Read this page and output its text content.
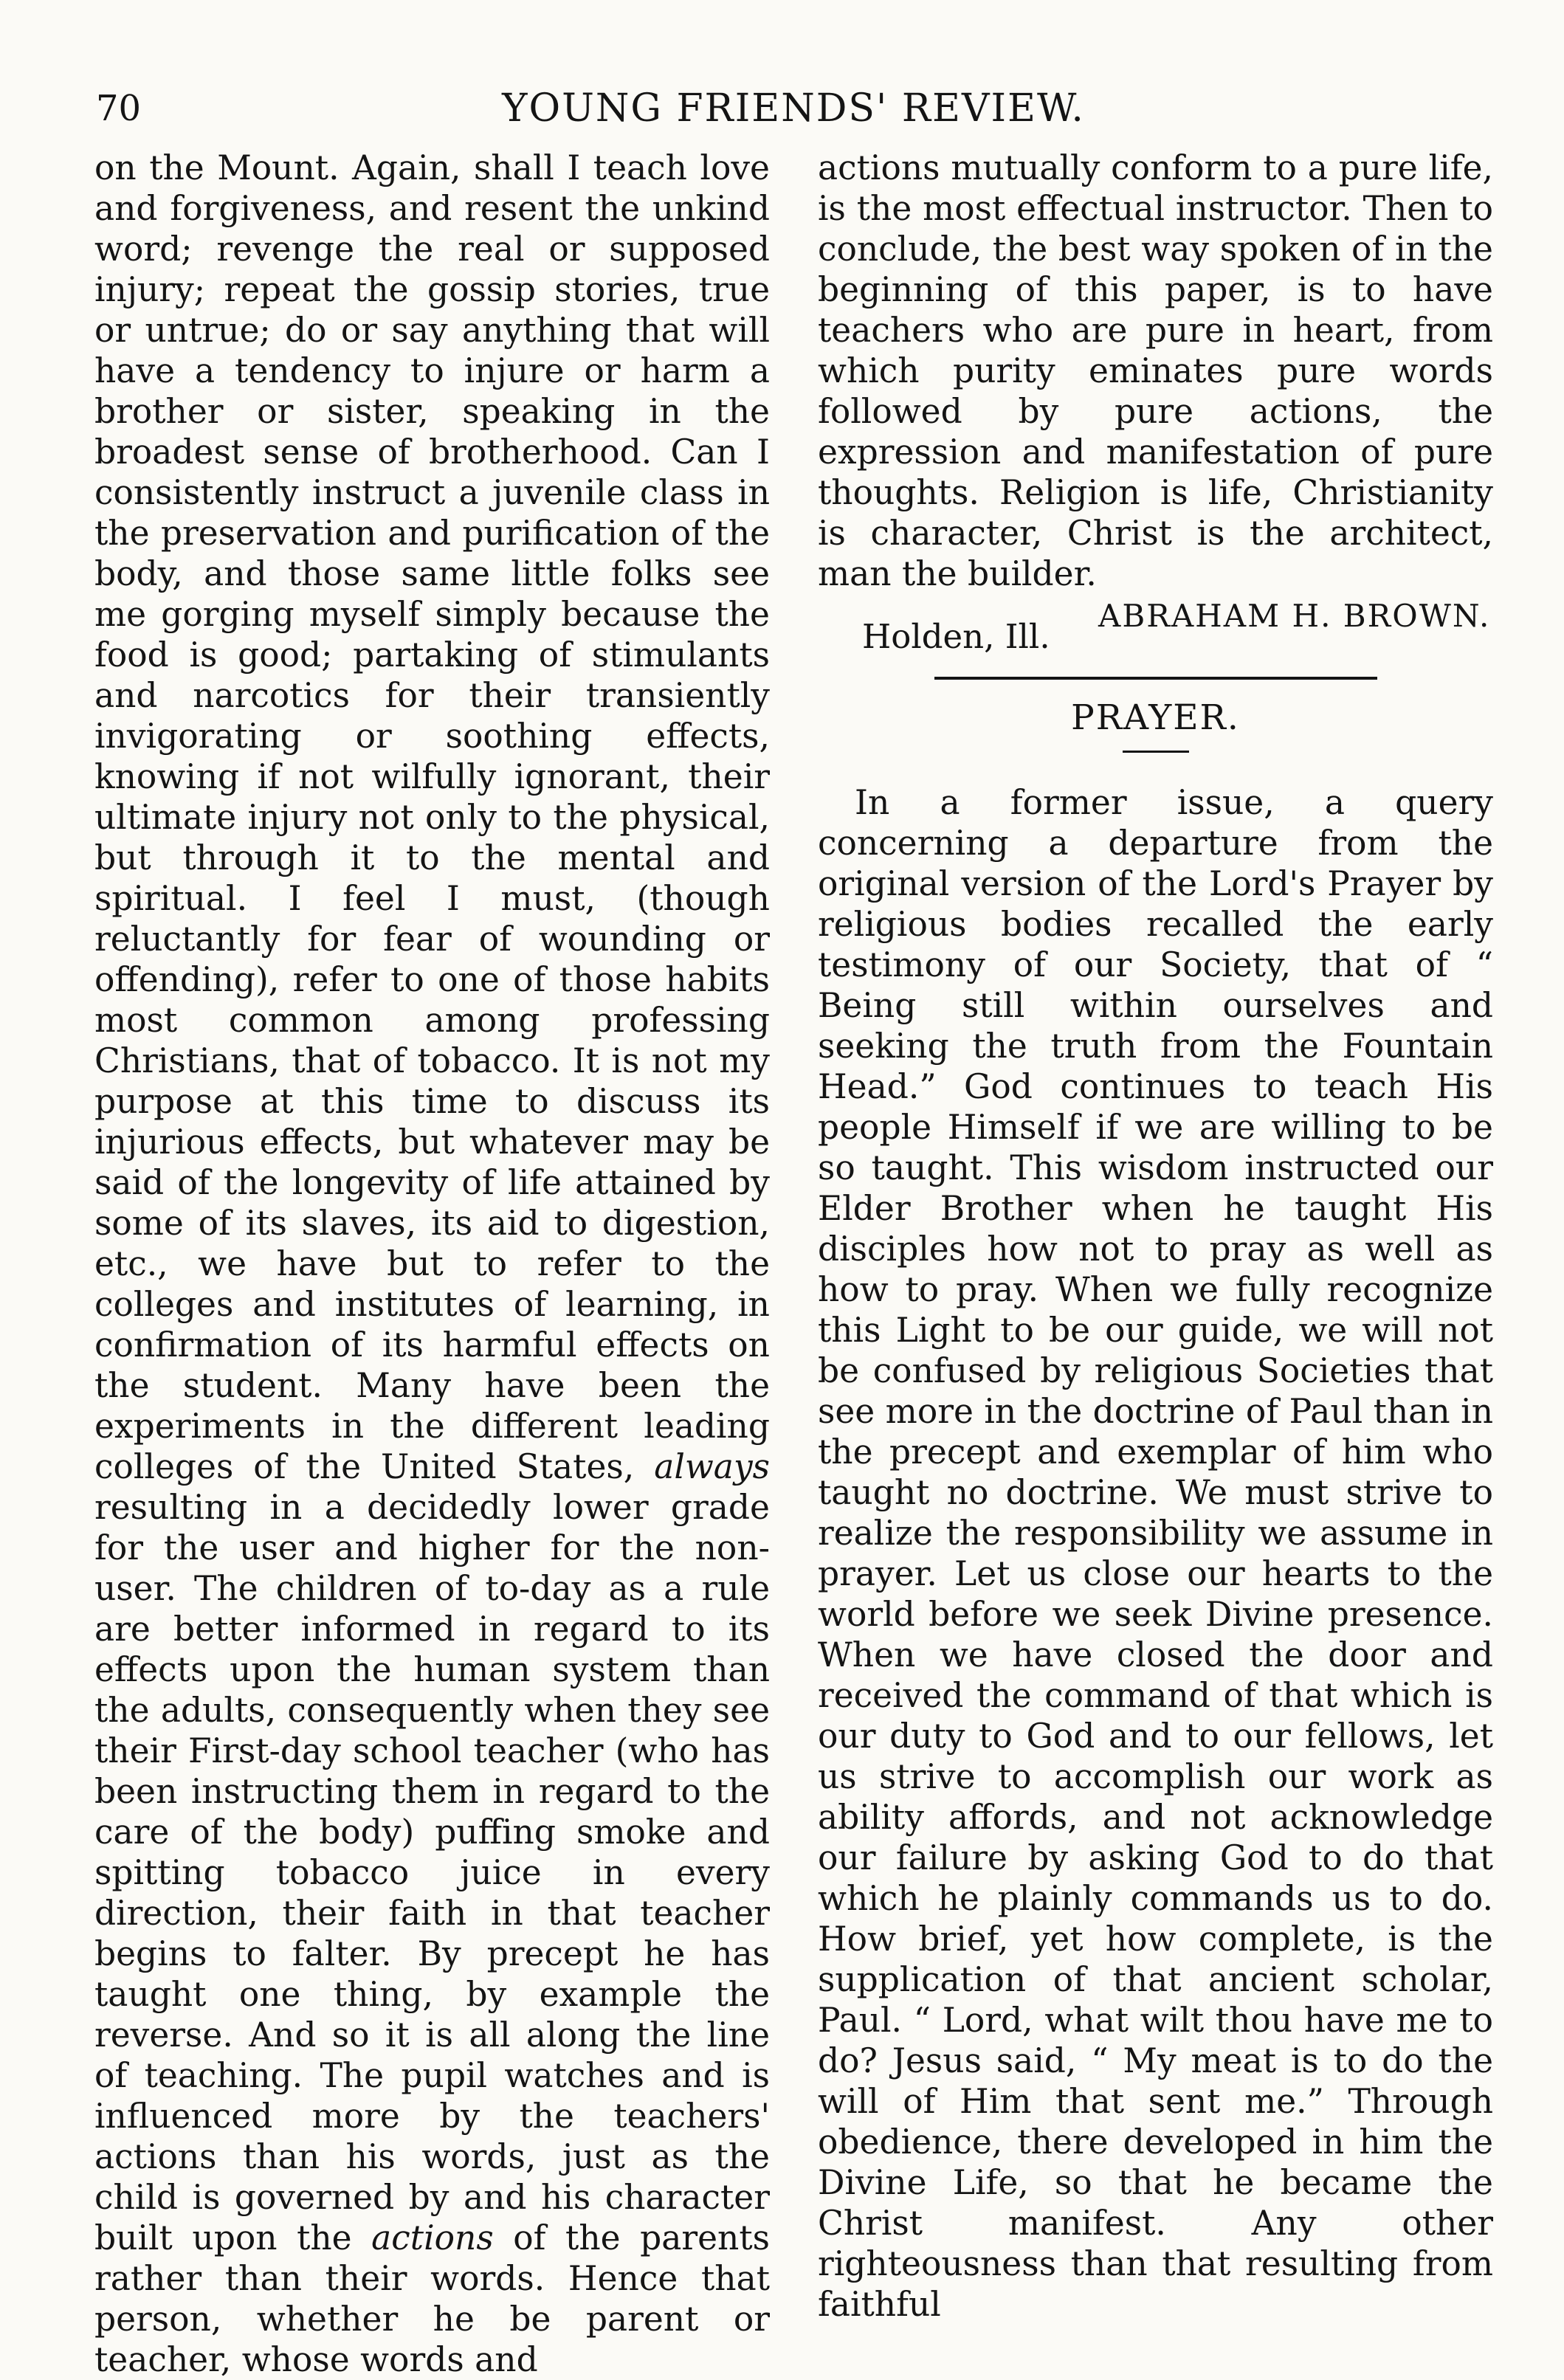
70	YOUNG FRIENDS' REVIEW.

on the Mount. Again, shall I teach love and forgiveness, and resent the unkind word; revenge the real or supposed injury; repeat the gossip stories, true or untrue; do or say anything that will have a tendency to injure or harm a brother or sister, speaking in the broadest sense of brotherhood. Can I consistently instruct a juvenile class in the preservation and purification of the body, and those same little folks see me gorging myself simply because the food is good; partaking of stimulants and narcotics for their transiently invigorating or soothing effects, knowing if not wilfully ignorant, their ultimate injury not only to the physical, but through it to the mental and spiritual. I feel I must, (though reluctantly for fear of wounding or offending), refer to one of those habits most common among professing Christians, that of tobacco. It is not my purpose at this time to discuss its injurious effects, but whatever may be said of the longevity of life attained by some of its slaves, its aid to digestion, etc., we have but to refer to the colleges and institutes of learning, in confirmation of its harmful effects on the student. Many have been the experiments in the different leading colleges of the United States, always resulting in a decidedly lower grade for the user and higher for the non-user. The children of to-day as a rule are better informed in regard to its effects upon the human system than the adults, consequently when they see their First-day school teacher (who has been instructing them in regard to the care of the body) puffing smoke and spitting tobacco juice in every direction, their faith in that teacher begins to falter. By precept he has taught one thing, by example the reverse. And so it is all along the line of teaching. The pupil watches and is influenced more by the teachers' actions than his words, just as the child is governed by and his character built upon the actions of the parents rather than their words. Hence that person, whether he be parent or teacher, whose words and

actions mutually conform to a pure life, is the most effectual instructor. Then to conclude, the best way spoken of in the beginning of this paper, is to have teachers who are pure in heart, from which purity eminates pure words followed by pure actions, the expression and manifestation of pure thoughts. Religion is life, Christianity is character, Christ is the architect, man the builder.

ABRAHAM H. BROWN.
Holden, Ill.
PRAYER.

In a former issue, a query concerning a departure from the original version of the Lord's Prayer by religious bodies recalled the early testimony of our Society, that of “ Being still within ourselves and seeking the truth from the Fountain Head.” God continues to teach His people Himself if we are willing to be so taught. This wisdom instructed our Elder Brother when he taught His disciples how not to pray as well as how to pray. When we fully recognize this Light to be our guide, we will not be confused by religious Societies that see more in the doctrine of Paul than in the precept and exemplar of him who taught no doctrine. We must strive to realize the responsibility we assume in prayer. Let us close our hearts to the world before we seek Divine presence. When we have closed the door and received the command of that which is our duty to God and to our fellows, let us strive to accomplish our work as ability affords, and not acknowledge our failure by asking God to do that which he plainly commands us to do. How brief, yet how complete, is the supplication of that ancient scholar, Paul. “ Lord, what wilt thou have me to do? Jesus said, “ My meat is to do the will of Him that sent me.” Through obedience, there developed in him the Divine Life, so that he became the Christ manifest. Any other righteousness than that resulting from faithful
